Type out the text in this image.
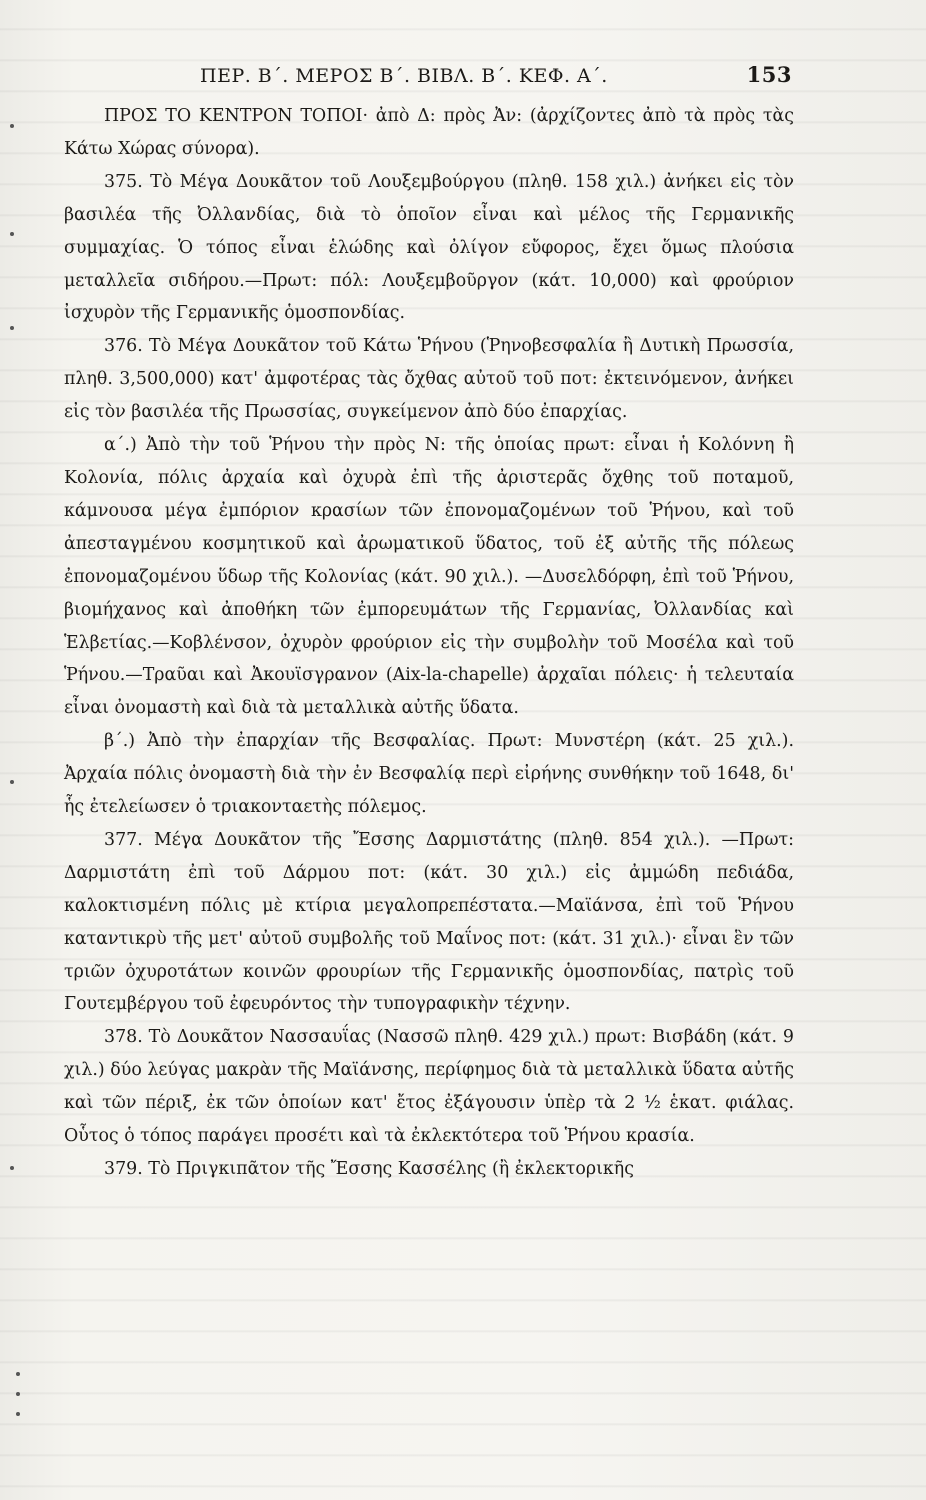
ΠΕΡ. Β΄. ΜΕΡΟΣ Β΄. ΒΙΒΛ. Β΄. ΚΕΦ. Α΄.	153

ΠΡΟΣ ΤΟ ΚΕΝΤΡΟΝ ΤΟΠΟΙ· ἀπὸ Δ: πρὸς Ἀν: (ἀρχίζοντες ἀπὸ τὰ πρὸς τὰς Κάτω Χώρας σύνορα).

375. Τὸ Μέγα Δουκᾶτον τοῦ Λουξεμβούργου (πληθ. 158 χιλ.) ἀνήκει εἰς τὸν βασιλέα τῆς Ὀλλανδίας, διὰ τὸ ὁποῖον εἶναι καὶ μέλος τῆς Γερμανικῆς συμμαχίας. Ὁ τόπος εἶναι ἑλώδης καὶ ὀλίγον εὔφορος, ἔχει ὅμως πλούσια μεταλλεῖα σιδήρου.—Πρωτ: πόλ: Λουξεμβοῦργον (κάτ. 10,000) καὶ φρούριον ἰσχυρὸν τῆς Γερμανικῆς ὁμοσπονδίας.

376. Τὸ Μέγα Δουκᾶτον τοῦ Κάτω Ῥήνου (Ῥηνοβεσφαλία ἢ Δυτικὴ Πρωσσία, πληθ. 3,500,000) κατ' ἀμφοτέρας τὰς ὄχθας αὐτοῦ τοῦ ποτ: ἐκτεινόμενον, ἀνήκει εἰς τὸν βασιλέα τῆς Πρωσσίας, συγκείμενον ἀπὸ δύο ἐπαρχίας.

α΄.) Ἀπὸ τὴν τοῦ Ῥήνου τὴν πρὸς Ν: τῆς ὁποίας πρωτ: εἶναι ἡ Κολόννη ἢ Κολονία, πόλις ἀρχαία καὶ ὀχυρὰ ἐπὶ τῆς ἀριστερᾶς ὄχθης τοῦ ποταμοῦ, κάμνουσα μέγα ἐμπόριον κρασίων τῶν ἐπονομαζομένων τοῦ Ῥήνου, καὶ τοῦ ἀπεσταγμένου κοσμητικοῦ καὶ ἀρωματικοῦ ὕδατος, τοῦ ἐξ αὐτῆς τῆς πόλεως ἐπονομαζομένου ὕδωρ τῆς Κολονίας (κάτ. 90 χιλ.). —Δυσελδόρφη, ἐπὶ τοῦ Ῥήνου, βιομήχανος καὶ ἀποθήκη τῶν ἐμπορευμάτων τῆς Γερμανίας, Ὀλλανδίας καὶ Ἑλβετίας.—Κοβλένσον, ὀχυρὸν φρούριον εἰς τὴν συμβολὴν τοῦ Μοσέλα καὶ τοῦ Ῥήνου.—Τραῦαι καὶ Ἀκουϊσγρανον (Aix-la-chapelle) ἀρχαῖαι πόλεις· ἡ τελευταία εἶναι ὀνομαστὴ καὶ διὰ τὰ μεταλλικὰ αὐτῆς ὕδατα.

β΄.) Ἀπὸ τὴν ἐπαρχίαν τῆς Βεσφαλίας. Πρωτ: Μυνστέρη (κάτ. 25 χιλ.). Ἀρχαία πόλις ὀνομαστὴ διὰ τὴν ἐν Βεσφαλίᾳ περὶ εἰρήνης συνθήκην τοῦ 1648, δι' ἧς ἐτελείωσεν ὁ τριακονταετὴς πόλεμος.

377. Μέγα Δουκᾶτον τῆς Ἔσσης Δαρμιστάτης (πληθ. 854 χιλ.). —Πρωτ: Δαρμιστάτη ἐπὶ τοῦ Δάρμου ποτ: (κάτ. 30 χιλ.) εἰς ἀμμώδη πεδιάδα, καλοκτισμένη πόλις μὲ κτίρια μεγαλοπρεπέστατα.—Μαϊάνσα, ἐπὶ τοῦ Ῥήνου καταντικρὺ τῆς μετ' αὐτοῦ συμβολῆς τοῦ Μαΐνος ποτ: (κάτ. 31 χιλ.)· εἶναι ἓν τῶν τριῶν ὀχυροτάτων κοινῶν φρουρίων τῆς Γερμανικῆς ὁμοσπονδίας, πατρὶς τοῦ Γουτεμβέργου τοῦ ἐφευρόντος τὴν τυπογραφικὴν τέχνην.

378. Τὸ Δουκᾶτον Νασσαυΐας (Νασσῶ πληθ. 429 χιλ.) πρωτ: Βισβάδη (κάτ. 9 χιλ.) δύο λεύγας μακρὰν τῆς Μαϊάνσης, περίφημος διὰ τὰ μεταλλικὰ ὕδατα αὐτῆς καὶ τῶν πέριξ, ἐκ τῶν ὁποίων κατ' ἔτος ἐξάγουσιν ὑπὲρ τὰ 2 ½ ἑκατ. φιάλας. Οὗτος ὁ τόπος παράγει προσέτι καὶ τὰ ἐκλεκτότερα τοῦ Ῥήνου κρασία.

379. Τὸ Πριγκιπᾶτον τῆς Ἔσσης Κασσέλης (ἢ ἐκλεκτορικῆς
